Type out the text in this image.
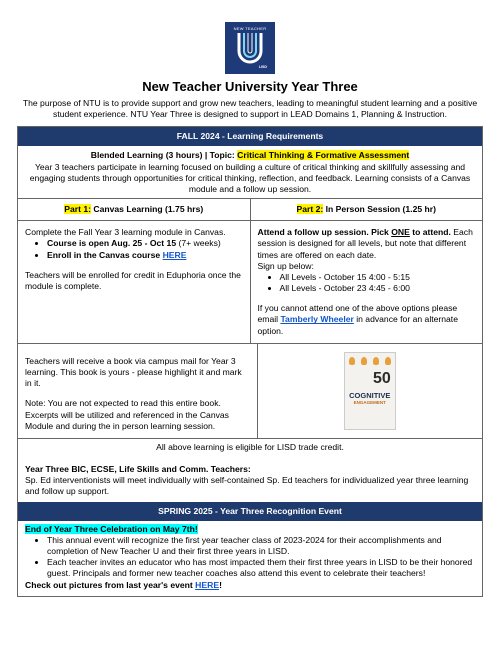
NEW TEACHER
LISD
New Teacher University Year Three

The purpose of NTU is to provide support and grow new teachers, leading to meaningful student learning and a positive student experience. NTU Year Three is designed to support in LEAD Domains 1, Planning & Instruction.

FALL 2024 - Learning Requirements
Blended Learning (3 hours) | Topic: Critical Thinking & Formative Assessment
Year 3 teachers participate in learning focused on building a culture of critical thinking and skillfully assessing and engaging students through opportunities for critical thinking, reflection, and feedback. Learning consists of a Canvas module and a follow up session.
Part 1: Canvas Learning (1.75 hrs)
Complete the Fall Year 3 learning module in Canvas.
• Course is open Aug. 25 - Oct 15 (7+ weeks)
• Enroll in the Canvas course HERE
Teachers will be enrolled for credit in Eduphoria once the module is complete.
Part 2: In Person Session (1.25 hr)
Attend a follow up session. Pick ONE to attend. Each session is designed for all levels, but note that different times are offered on each date.
Sign up below:
• All Levels - October 15 4:00 - 5:15
• All Levels - October 23 4:45 - 6:00
If you cannot attend one of the above options please email Tamberly Wheeler in advance for an alternate option.
Teachers will receive a book via campus mail for Year 3 learning. This book is yours - please highlight it and mark in it.
Note: You are not expected to read this entire book. Excerpts will be utilized and referenced in the Canvas Module and during the in person learning session.
50
COGNITIVE
ENGAGEMENT
All above learning is eligible for LISD trade credit.
Year Three BIC, ECSE, Life Skills and Comm. Teachers:
Sp. Ed interventionists will meet individually with self-contained Sp. Ed teachers for individualized year three learning and follow up support.
SPRING 2025 - Year Three Recognition Event
End of Year Three Celebration on May 7th!
• This annual event will recognize the first year teacher class of 2023-2024 for their accomplishments and completion of New Teacher U and their first three years in LISD.
• Each teacher invites an educator who has most impacted them their first three years in LISD to be their honored guest. Principals and former new teacher coaches also attend this event to celebrate their teachers!
Check out pictures from last year's event HERE!
